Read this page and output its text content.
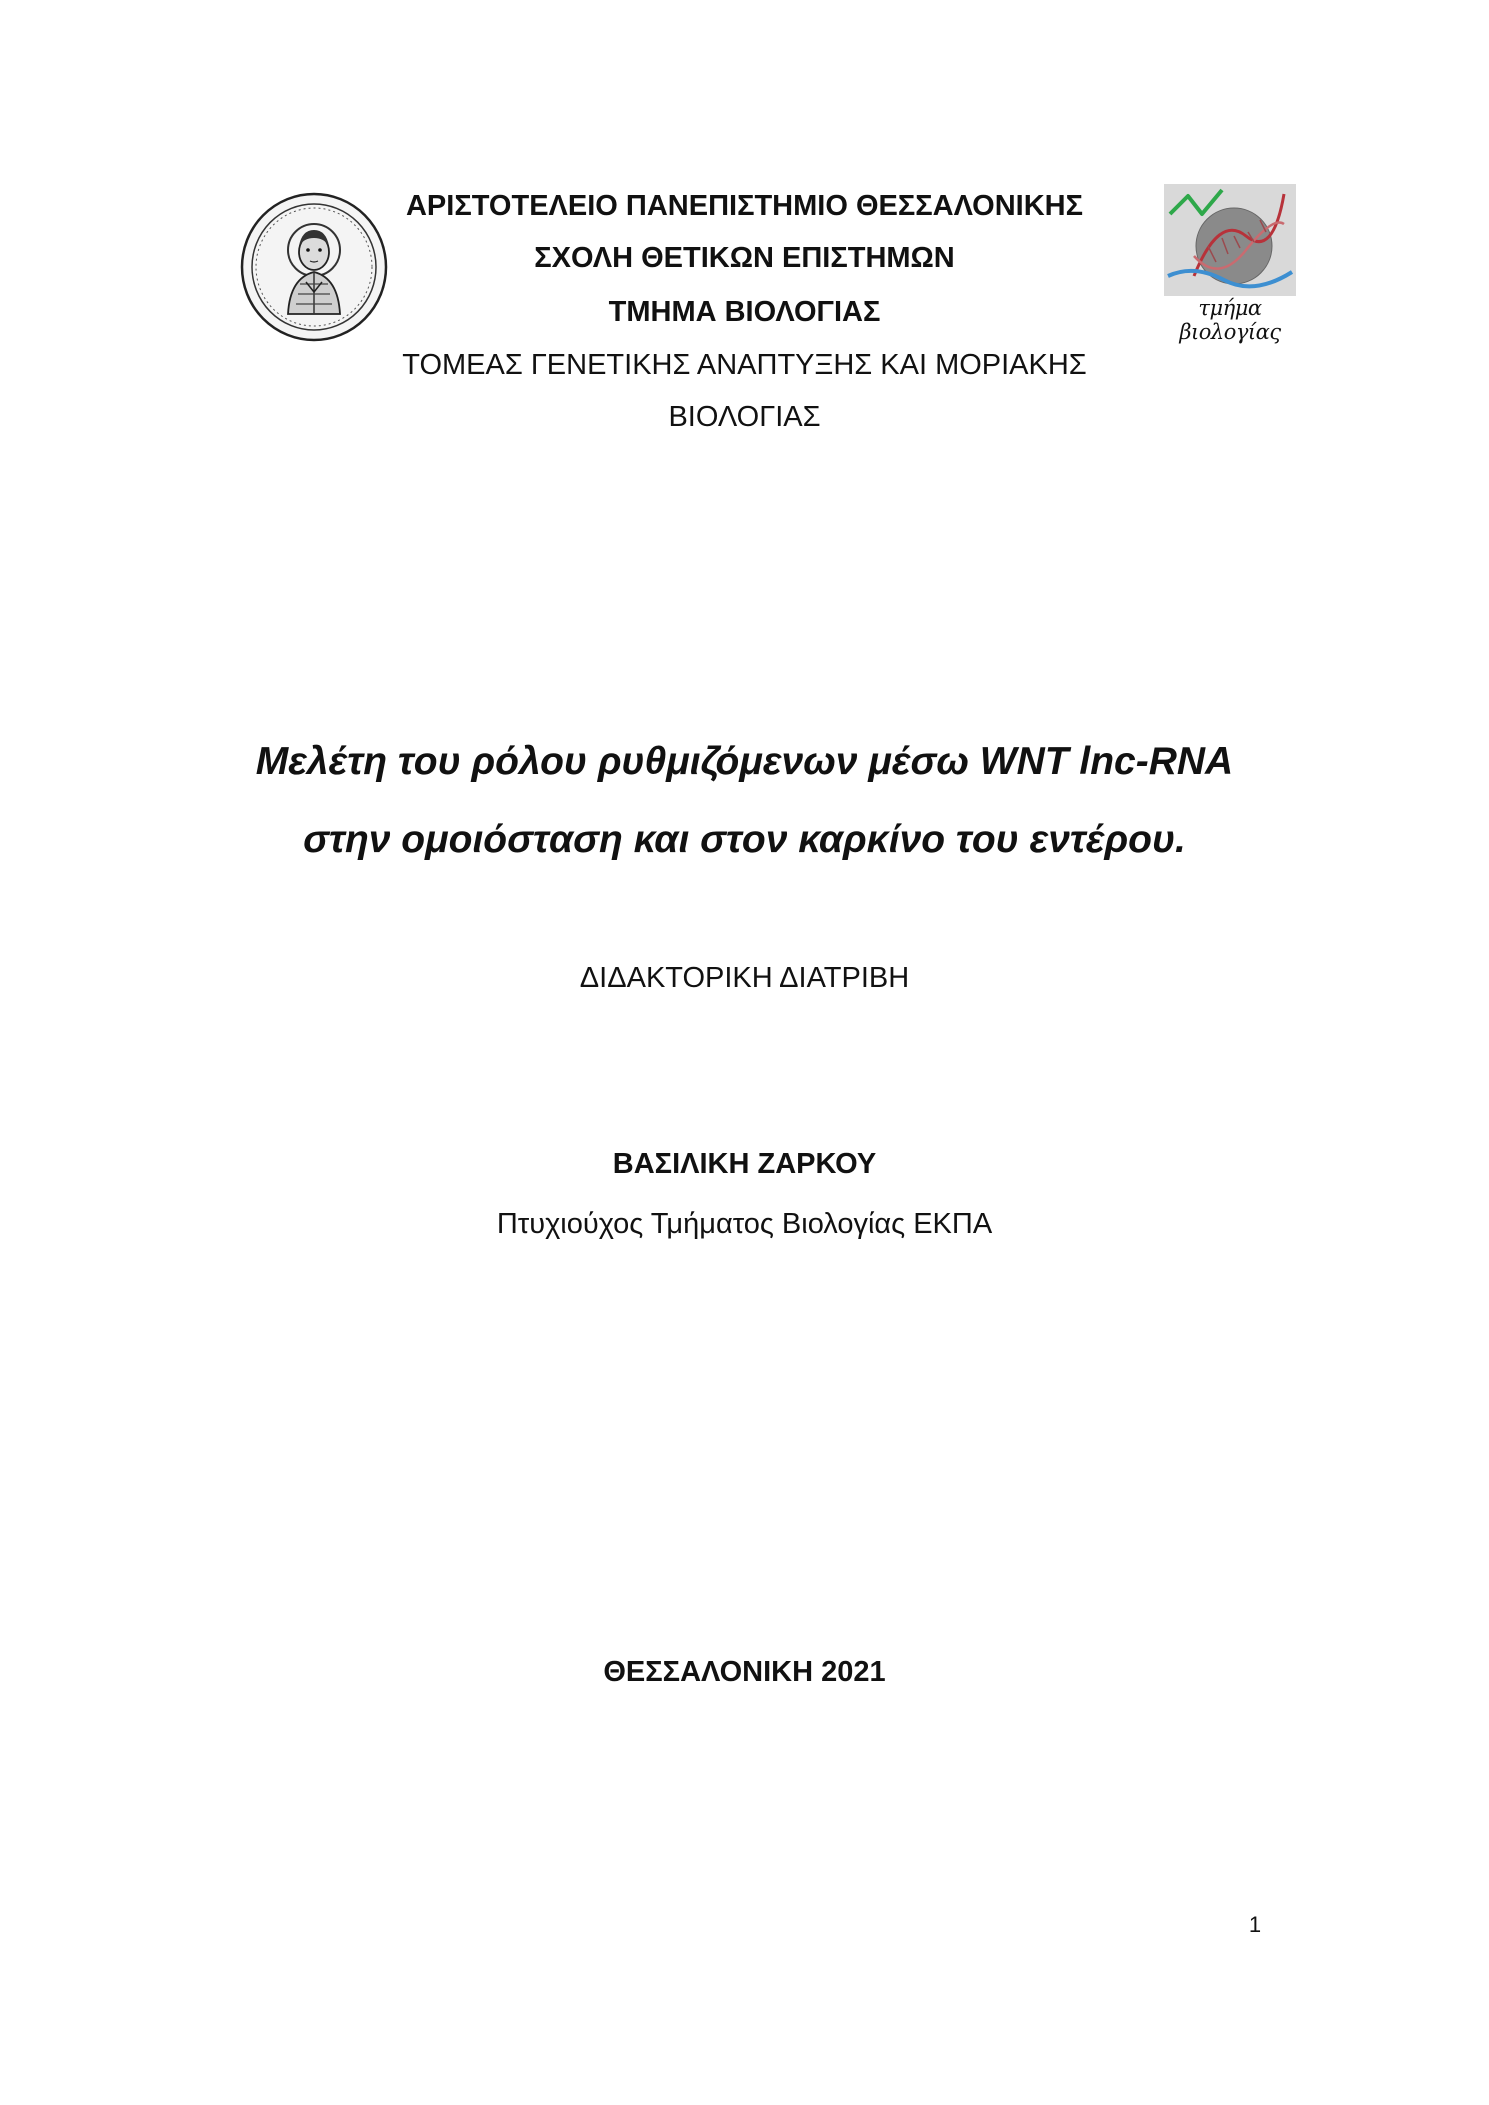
ΑΡΙΣΤΟΤΕΛΕΙΟ ΠΑΝΕΠΙΣΤΗΜΙΟ ΘΕΣΣΑΛΟΝΙΚΗΣ
ΣΧΟΛΗ ΘΕΤΙΚΩΝ ΕΠΙΣΤΗΜΩΝ
ΤΜΗΜΑ ΒΙΟΛΟΓΙΑΣ
ΤΟΜΕΑΣ ΓΕΝΕΤΙΚΗΣ ΑΝΑΠΤΥΞΗΣ ΚΑΙ ΜΟΡΙΑΚΗΣ
ΒΙΟΛΟΓΙΑΣ
τμήμα βιολογίας
Μελέτη του ρόλου ρυθμιζόμενων μέσω WNT lnc-RNA
στην ομοιόσταση και στον καρκίνο του εντέρου.
ΔΙΔΑΚΤΟΡΙΚΗ ΔΙΑΤΡΙΒΗ
ΒΑΣΙΛΙΚΗ ΖΑΡΚΟΥ
Πτυχιούχος Τμήματος Βιολογίας ΕΚΠΑ
ΘΕΣΣΑΛΟΝΙΚΗ 2021
1
